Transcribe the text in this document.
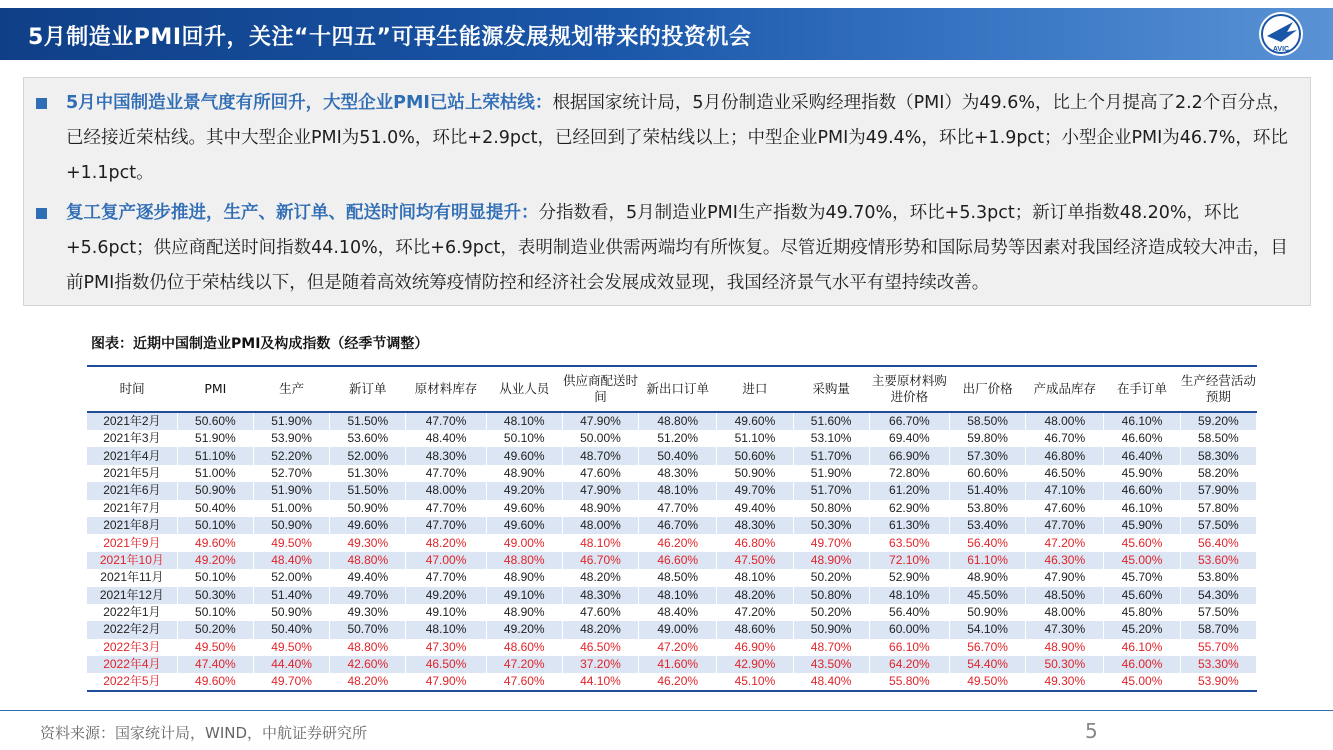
5月制造业PMI回升，关注“十四五”可再生能源发展规划带来的投资机会	AVIC
5月中国制造业景气度有所回升，大型企业PMI已站上荣枯线：根据国家统计局，5月份制造业采购经理指数（PMI）为49.6%，比上个月提高了2.2个百分点，已经接近荣枯线。其中大型企业PMI为51.0%，环比+2.9pct，已经回到了荣枯线以上；中型企业PMI为49.4%，环比+1.9pct；小型企业PMI为46.7%，环比+1.1pct。
复工复产逐步推进，生产、新订单、配送时间均有明显提升：分指数看，5月制造业PMI生产指数为49.70%，环比+5.3pct；新订单指数48.20%，环比+5.6pct；供应商配送时间指数44.10%，环比+6.9pct，表明制造业供需两端均有所恢复。尽管近期疫情形势和国际局势等因素对我国经济造成较大冲击，目前PMI指数仍位于荣枯线以下，但是随着高效统筹疫情防控和经济社会发展成效显现，我国经济景气水平有望持续改善。
图表：近期中国制造业PMI及构成指数（经季节调整）
时间	PMI	生产	新订单	原材料库存	从业人员	供应商配送时间	新出口订单	进口	采购量	主要原材料购进价格	出厂价格	产成品库存	在手订单	生产经营活动预期
2021年2月	50.60%	51.90%	51.50%	47.70%	48.10%	47.90%	48.80%	49.60%	51.60%	66.70%	58.50%	48.00%	46.10%	59.20%
2021年3月	51.90%	53.90%	53.60%	48.40%	50.10%	50.00%	51.20%	51.10%	53.10%	69.40%	59.80%	46.70%	46.60%	58.50%
2021年4月	51.10%	52.20%	52.00%	48.30%	49.60%	48.70%	50.40%	50.60%	51.70%	66.90%	57.30%	46.80%	46.40%	58.30%
2021年5月	51.00%	52.70%	51.30%	47.70%	48.90%	47.60%	48.30%	50.90%	51.90%	72.80%	60.60%	46.50%	45.90%	58.20%
2021年6月	50.90%	51.90%	51.50%	48.00%	49.20%	47.90%	48.10%	49.70%	51.70%	61.20%	51.40%	47.10%	46.60%	57.90%
2021年7月	50.40%	51.00%	50.90%	47.70%	49.60%	48.90%	47.70%	49.40%	50.80%	62.90%	53.80%	47.60%	46.10%	57.80%
2021年8月	50.10%	50.90%	49.60%	47.70%	49.60%	48.00%	46.70%	48.30%	50.30%	61.30%	53.40%	47.70%	45.90%	57.50%
2021年9月	49.60%	49.50%	49.30%	48.20%	49.00%	48.10%	46.20%	46.80%	49.70%	63.50%	56.40%	47.20%	45.60%	56.40%
2021年10月	49.20%	48.40%	48.80%	47.00%	48.80%	46.70%	46.60%	47.50%	48.90%	72.10%	61.10%	46.30%	45.00%	53.60%
2021年11月	50.10%	52.00%	49.40%	47.70%	48.90%	48.20%	48.50%	48.10%	50.20%	52.90%	48.90%	47.90%	45.70%	53.80%
2021年12月	50.30%	51.40%	49.70%	49.20%	49.10%	48.30%	48.10%	48.20%	50.80%	48.10%	45.50%	48.50%	45.60%	54.30%
2022年1月	50.10%	50.90%	49.30%	49.10%	48.90%	47.60%	48.40%	47.20%	50.20%	56.40%	50.90%	48.00%	45.80%	57.50%
2022年2月	50.20%	50.40%	50.70%	48.10%	49.20%	48.20%	49.00%	48.60%	50.90%	60.00%	54.10%	47.30%	45.20%	58.70%
2022年3月	49.50%	49.50%	48.80%	47.30%	48.60%	46.50%	47.20%	46.90%	48.70%	66.10%	56.70%	48.90%	46.10%	55.70%
2022年4月	47.40%	44.40%	42.60%	46.50%	47.20%	37.20%	41.60%	42.90%	43.50%	64.20%	54.40%	50.30%	46.00%	53.30%
2022年5月	49.60%	49.70%	48.20%	47.90%	47.60%	44.10%	46.20%	45.10%	48.40%	55.80%	49.50%	49.30%	45.00%	53.90%
资料来源：国家统计局，WIND，中航证券研究所	5
